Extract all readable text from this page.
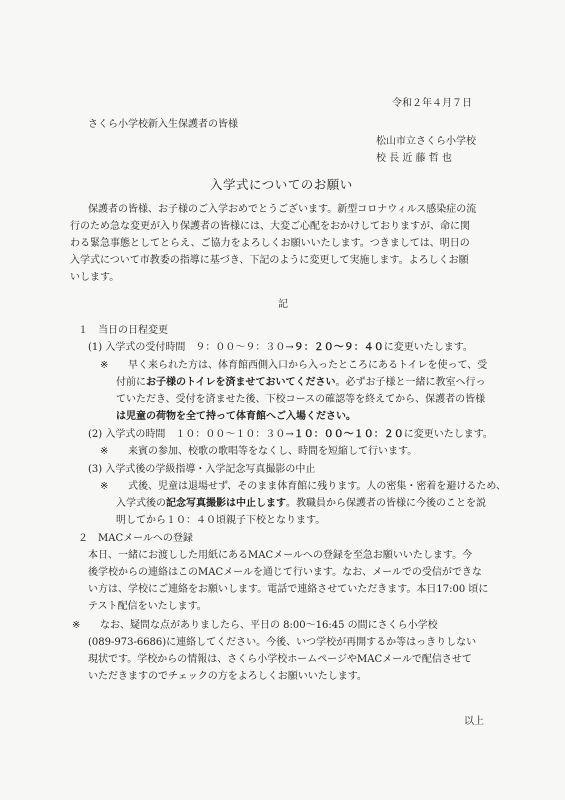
令和２年４月７日
さくら小学校新入生保護者の皆様
松山市立さくら小学校
校 長 近 藤 哲 也
入学式についてのお願い
保護者の皆様、お子様のご入学おめでとうございます。新型コロナウィルス感染症の流
行のため急な変更が入り保護者の皆様には、大変ご心配をおかけしておりますが、命に関
わる緊急事態としてとらえ、ご協力をよろしくお願いいたします。つきましては、明日の
入学式について市教委の指導に基づき、下記のように変更して実施します。よろしくお願
いします。
記
１　当日の日程変更
(1) 入学式の受付時間　９：００～９：３０→９：２０～９：４０に変更いたします。
※ 早く来られた方は、体育館西側入口から入ったところにあるトイレを使って、受
付前にお子様のトイレを済ませておいてください。必ずお子様と一緒に教室へ行っ
ていただき、受付を済ませた後、下校コースの確認等を終えてから、保護者の皆様
は児童の荷物を全て持って体育館へご入場ください。
(2) 入学式の時間　１０：００～１０：３０→１０：００～１０：２０に変更いたします。
※ 来賓の参加、校歌の歌唱等をなくし、時間を短縮して行います。
(3) 入学式後の学級指導・入学記念写真撮影の中止
※ 式後、児童は退場せず、そのまま体育館に残ります。人の密集・密着を避けるため、
入学式後の記念写真撮影は中止します。教職員から保護者の皆様に今後のことを説
明してから１０：４０頃親子下校となります。
２　MACメールへの登録
本日、一緒にお渡しした用紙にあるMACメールへの登録を至急お願いいたします。今
後学校からの連絡はこのMACメールを通じて行います。なお、メールでの受信ができな
い方は、学校にご連絡をお願いします。電話で連絡させていただきます。本日17:00 頃に
テスト配信をいたします。
※ なお、疑問な点がありましたら、平日の 8:00～16:45 の間にさくら小学校
(089-973-6686)に連絡してください。今後、いつ学校が再開するか等はっきりしない
現状です。学校からの情報は、さくら小学校ホームページやMACメールで配信させて
いただきますのでチェックの方をよろしくお願いいたします。
以上
